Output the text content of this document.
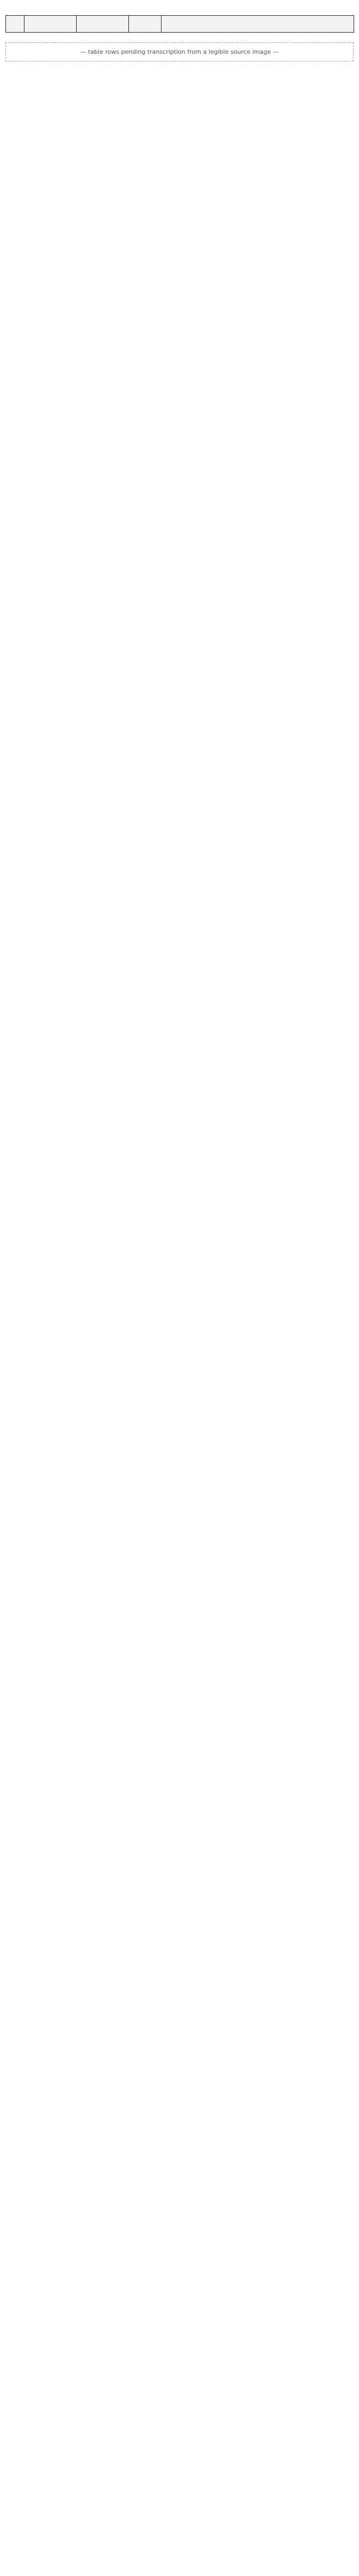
— table rows pending transcription from a legible source image —
